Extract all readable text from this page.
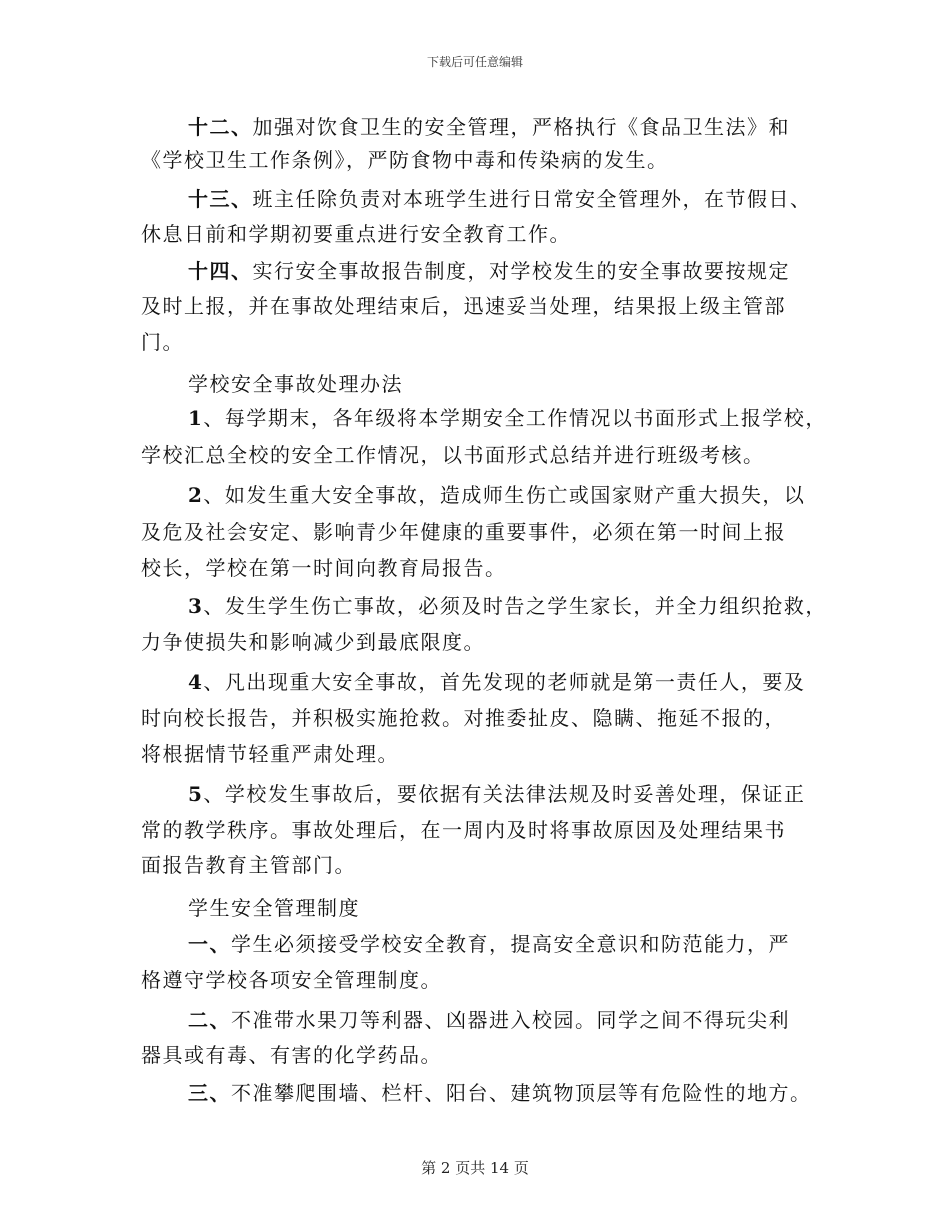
下载后可任意编辑
十二、加强对饮食卫生的安全管理，严格执行《食品卫生法》和
《学校卫生工作条例》，严防食物中毒和传染病的发生。
十三、班主任除负责对本班学生进行日常安全管理外，在节假日、
休息日前和学期初要重点进行安全教育工作。
十四、实行安全事故报告制度，对学校发生的安全事故要按规定
及时上报，并在事故处理结束后，迅速妥当处理，结果报上级主管部
门。
学校安全事故处理办法
1、每学期末，各年级将本学期安全工作情况以书面形式上报学校，
学校汇总全校的安全工作情况，以书面形式总结并进行班级考核。
2、如发生重大安全事故，造成师生伤亡或国家财产重大损失，以
及危及社会安定、影响青少年健康的重要事件，必须在第一时间上报
校长，学校在第一时间向教育局报告。
3、发生学生伤亡事故，必须及时告之学生家长，并全力组织抢救，
力争使损失和影响减少到最底限度。
4、凡出现重大安全事故，首先发现的老师就是第一责任人，要及
时向校长报告，并积极实施抢救。对推委扯皮、隐瞒、拖延不报的，
将根据情节轻重严肃处理。
5、学校发生事故后，要依据有关法律法规及时妥善处理，保证正
常的教学秩序。事故处理后，在一周内及时将事故原因及处理结果书
面报告教育主管部门。
学生安全管理制度
一、学生必须接受学校安全教育，提高安全意识和防范能力，严
格遵守学校各项安全管理制度。
二、不准带水果刀等利器、凶器进入校园。同学之间不得玩尖利
器具或有毒、有害的化学药品。
三、不准攀爬围墙、栏杆、阳台、建筑物顶层等有危险性的地方。
第 2 页共 14 页
